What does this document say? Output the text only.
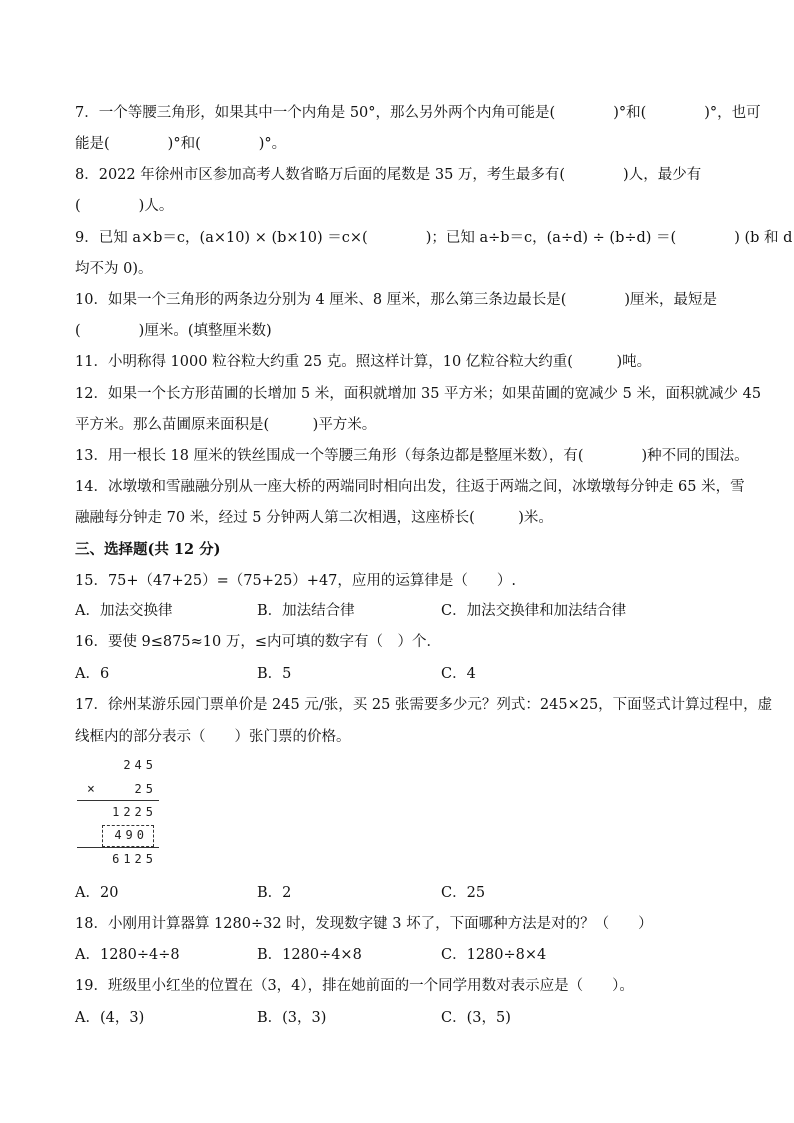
7．一个等腰三角形，如果其中一个内角是 50°，那么另外两个内角可能是(　　　　)°和(　　　　)°，也可
能是(　　　　)°和(　　　　)°。
8．2022 年徐州市区参加高考人数省略万后面的尾数是 35 万，考生最多有(　　　　)人，最少有
(　　　　)人。
9．已知 a×b＝c，(a×10) × (b×10) ＝c×(　　　　)；已知 a÷b＝c，(a÷d) ÷ (b÷d) ＝(　　　　) (b 和 d
均不为 0)。
10．如果一个三角形的两条边分别为 4 厘米、8 厘米，那么第三条边最长是(　　　　)厘米，最短是
(　　　　)厘米。(填整厘米数)
11．小明称得 1000 粒谷粒大约重 25 克。照这样计算，10 亿粒谷粒大约重(　　　)吨。
12．如果一个长方形苗圃的长增加 5 米，面积就增加 35 平方米；如果苗圃的宽减少 5 米，面积就减少 45
平方米。那么苗圃原来面积是(　　　)平方米。
13．用一根长 18 厘米的铁丝围成一个等腰三角形（每条边都是整厘米数），有(　　　　)种不同的围法。
14．冰墩墩和雪融融分别从一座大桥的两端同时相向出发，往返于两端之间，冰墩墩每分钟走 65 米，雪
融融每分钟走 70 米，经过 5 分钟两人第二次相遇，这座桥长(　　　)米。
三、选择题(共 12 分)
15．75+（47+25）=（75+25）+47，应用的运算律是（　　）.
A．加法交换律	B．加法结合律	C．加法交换律和加法结合律
16．要使 9≤875≈10 万，≤内可填的数字有（　）个．
A．6	B．5	C．4
17．徐州某游乐园门票单价是 245 元/张，买 25 张需要多少元？列式：245×25，下面竖式计算过程中，虚
线框内的部分表示（　　）张门票的价格。
245
×	25
1225
490
6125
A．20	B．2	C．25
18．小刚用计算器算 1280÷32 时，发现数字键 3 坏了，下面哪种方法是对的？（　　）
A．1280÷4÷8	B．1280÷4×8	C．1280÷8×4
19．班级里小红坐的位置在（3，4），排在她前面的一个同学用数对表示应是（　　）。
A．(4，3)	B．(3，3)	C．(3，5)
